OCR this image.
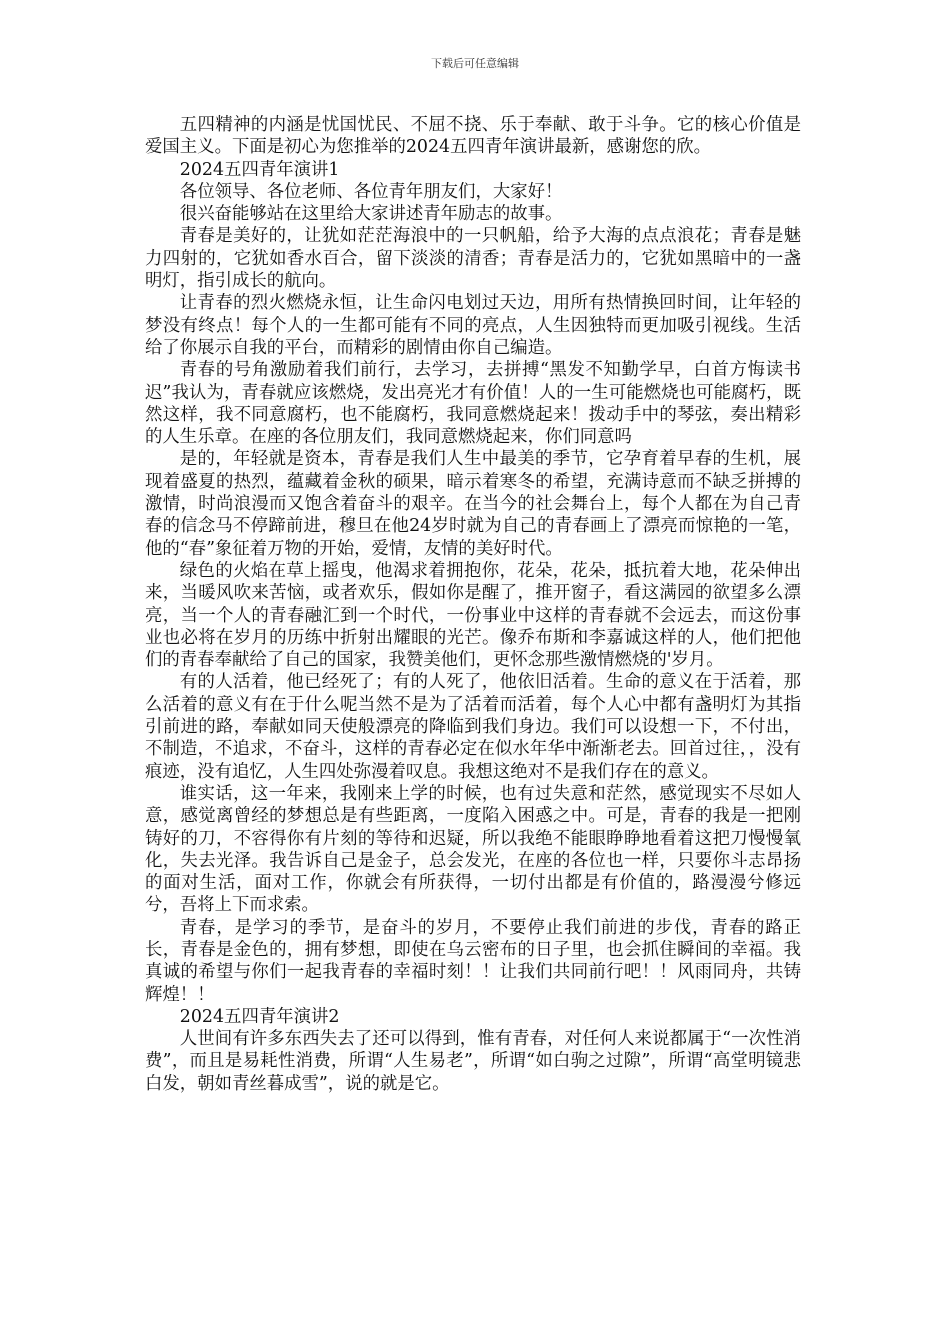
下载后可任意编辑

五四精神的内涵是忧国忧民、不屈不挠、乐于奉献、敢于斗争。它的核心价值是爱国主义。下面是初心为您推举的2024五四青年演讲最新，感谢您的欣。

2024五四青年演讲1

各位领导、各位老师、各位青年朋友们，大家好！

很兴奋能够站在这里给大家讲述青年励志的故事。

青春是美好的，让犹如茫茫海浪中的一只帆船，给予大海的点点浪花；青春是魅力四射的，它犹如香水百合，留下淡淡的清香；青春是活力的，它犹如黑暗中的一盏明灯，指引成长的航向。

让青春的烈火燃烧永恒，让生命闪电划过天边，用所有热情换回时间，让年轻的梦没有终点！每个人的一生都可能有不同的亮点，人生因独特而更加吸引视线。生活给了你展示自我的平台，而精彩的剧情由你自己编造。

青春的号角激励着我们前行，去学习，去拼搏“黑发不知勤学早，白首方悔读书迟”我认为，青春就应该燃烧，发出亮光才有价值！人的一生可能燃烧也可能腐朽，既然这样，我不同意腐朽，也不能腐朽，我同意燃烧起来！拨动手中的琴弦，奏出精彩的人生乐章。在座的各位朋友们，我同意燃烧起来，你们同意吗

是的，年轻就是资本，青春是我们人生中最美的季节，它孕育着早春的生机，展现着盛夏的热烈，蕴藏着金秋的硕果，暗示着寒冬的希望，充满诗意而不缺乏拼搏的激情，时尚浪漫而又饱含着奋斗的艰辛。在当今的社会舞台上，每个人都在为自己青春的信念马不停蹄前进，穆旦在他24岁时就为自己的青春画上了漂亮而惊艳的一笔，他的“春”象征着万物的开始，爱情，友情的美好时代。

绿色的火焰在草上摇曳，他渴求着拥抱你，花朵，花朵，抵抗着大地，花朵伸出来，当暖风吹来苦恼，或者欢乐，假如你是醒了，推开窗子，看这满园的欲望多么漂亮，当一个人的青春融汇到一个时代，一份事业中这样的青春就不会远去，而这份事业也必将在岁月的历练中折射出耀眼的光芒。像乔布斯和李嘉诚这样的人，他们把他们的青春奉献给了自己的国家，我赞美他们，更怀念那些激情燃烧的'岁月。

有的人活着，他已经死了；有的人死了，他依旧活着。生命的意义在于活着，那么活着的意义有在于什么呢当然不是为了活着而活着，每个人心中都有盏明灯为其指引前进的路，奉献如同天使般漂亮的降临到我们身边。我们可以设想一下，不付出，不制造，不追求，不奋斗，这样的青春必定在似水年华中渐渐老去。回首过往，，没有痕迹，没有追忆，人生四处弥漫着叹息。我想这绝对不是我们存在的意义。

谁实话，这一年来，我刚来上学的时候，也有过失意和茫然，感觉现实不尽如人意，感觉离曾经的梦想总是有些距离，一度陷入困惑之中。可是，青春的我是一把刚铸好的刀，不容得你有片刻的等待和迟疑，所以我绝不能眼睁睁地看着这把刀慢慢氧化，失去光泽。我告诉自己是金子，总会发光，在座的各位也一样，只要你斗志昂扬的面对生活，面对工作，你就会有所获得，一切付出都是有价值的，路漫漫兮修远兮，吾将上下而求索。

青春，是学习的季节，是奋斗的岁月，不要停止我们前进的步伐，青春的路正长，青春是金色的，拥有梦想，即使在乌云密布的日子里，也会抓住瞬间的幸福。我真诚的希望与你们一起我青春的幸福时刻！！让我们共同前行吧！！风雨同舟，共铸辉煌！！

2024五四青年演讲2

人世间有许多东西失去了还可以得到，惟有青春，对任何人来说都属于“一次性消费”，而且是易耗性消费，所谓“人生易老”，所谓“如白驹之过隙”，所谓“高堂明镜悲白发，朝如青丝暮成雪”，说的就是它。
